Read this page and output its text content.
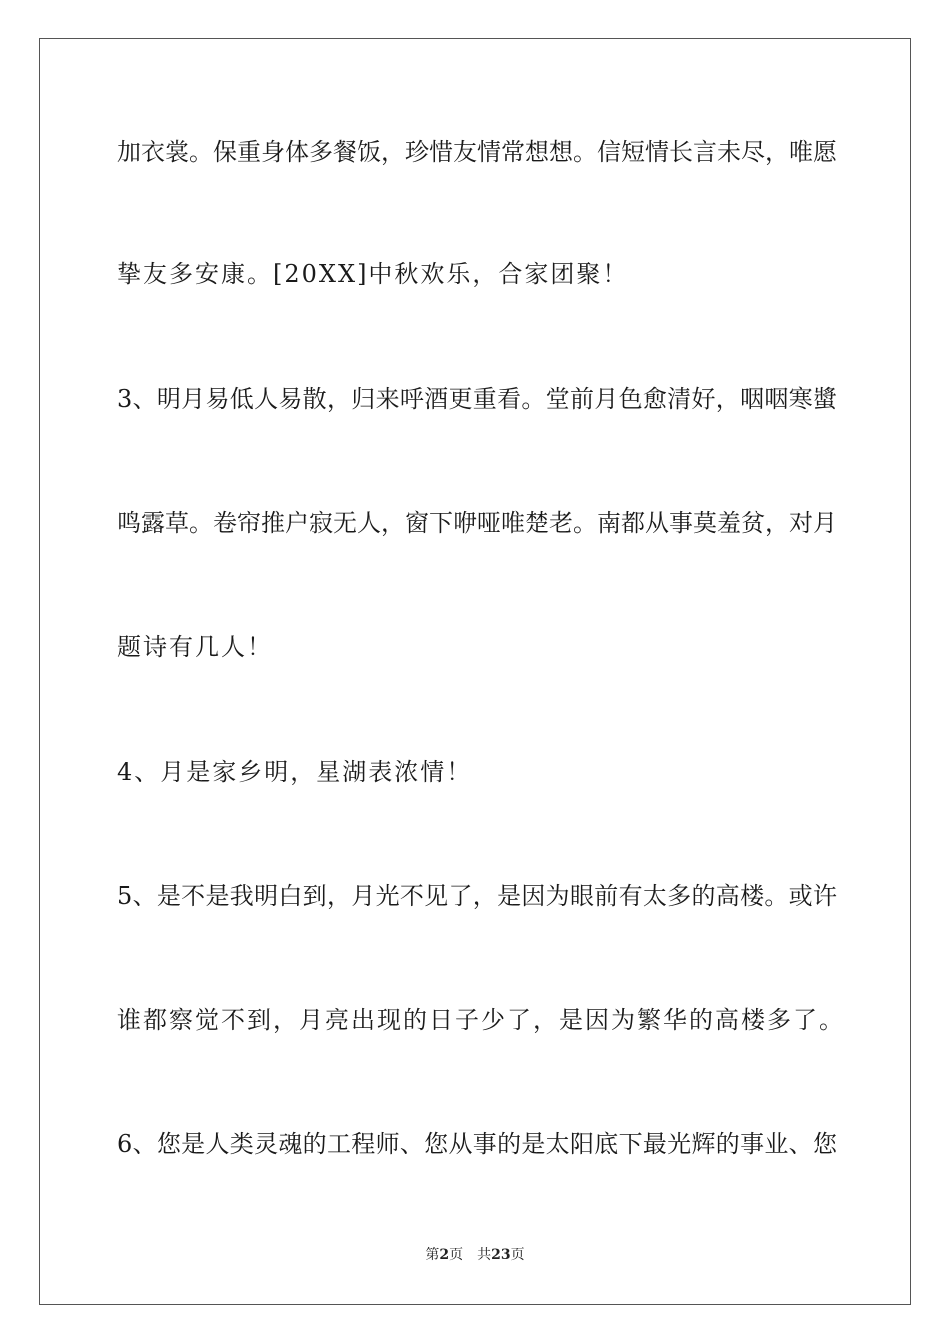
加衣裳。保重身体多餐饭，珍惜友情常想想。信短情长言未尽，唯愿
挚友多安康。[20XX]中秋欢乐，合家团聚！
3、明月易低人易散，归来呼酒更重看。堂前月色愈清好，咽咽寒螿
鸣露草。卷帘推户寂无人，窗下咿哑唯楚老。南都从事莫羞贫，对月
题诗有几人！
4、月是家乡明，星湖表浓情！
5、是不是我明白到，月光不见了，是因为眼前有太多的高楼。或许
谁都察觉不到，月亮出现的日子少了，是因为繁华的高楼多了。
6、您是人类灵魂的工程师、您从事的是太阳底下最光辉的事业、您
第2页 共23页
